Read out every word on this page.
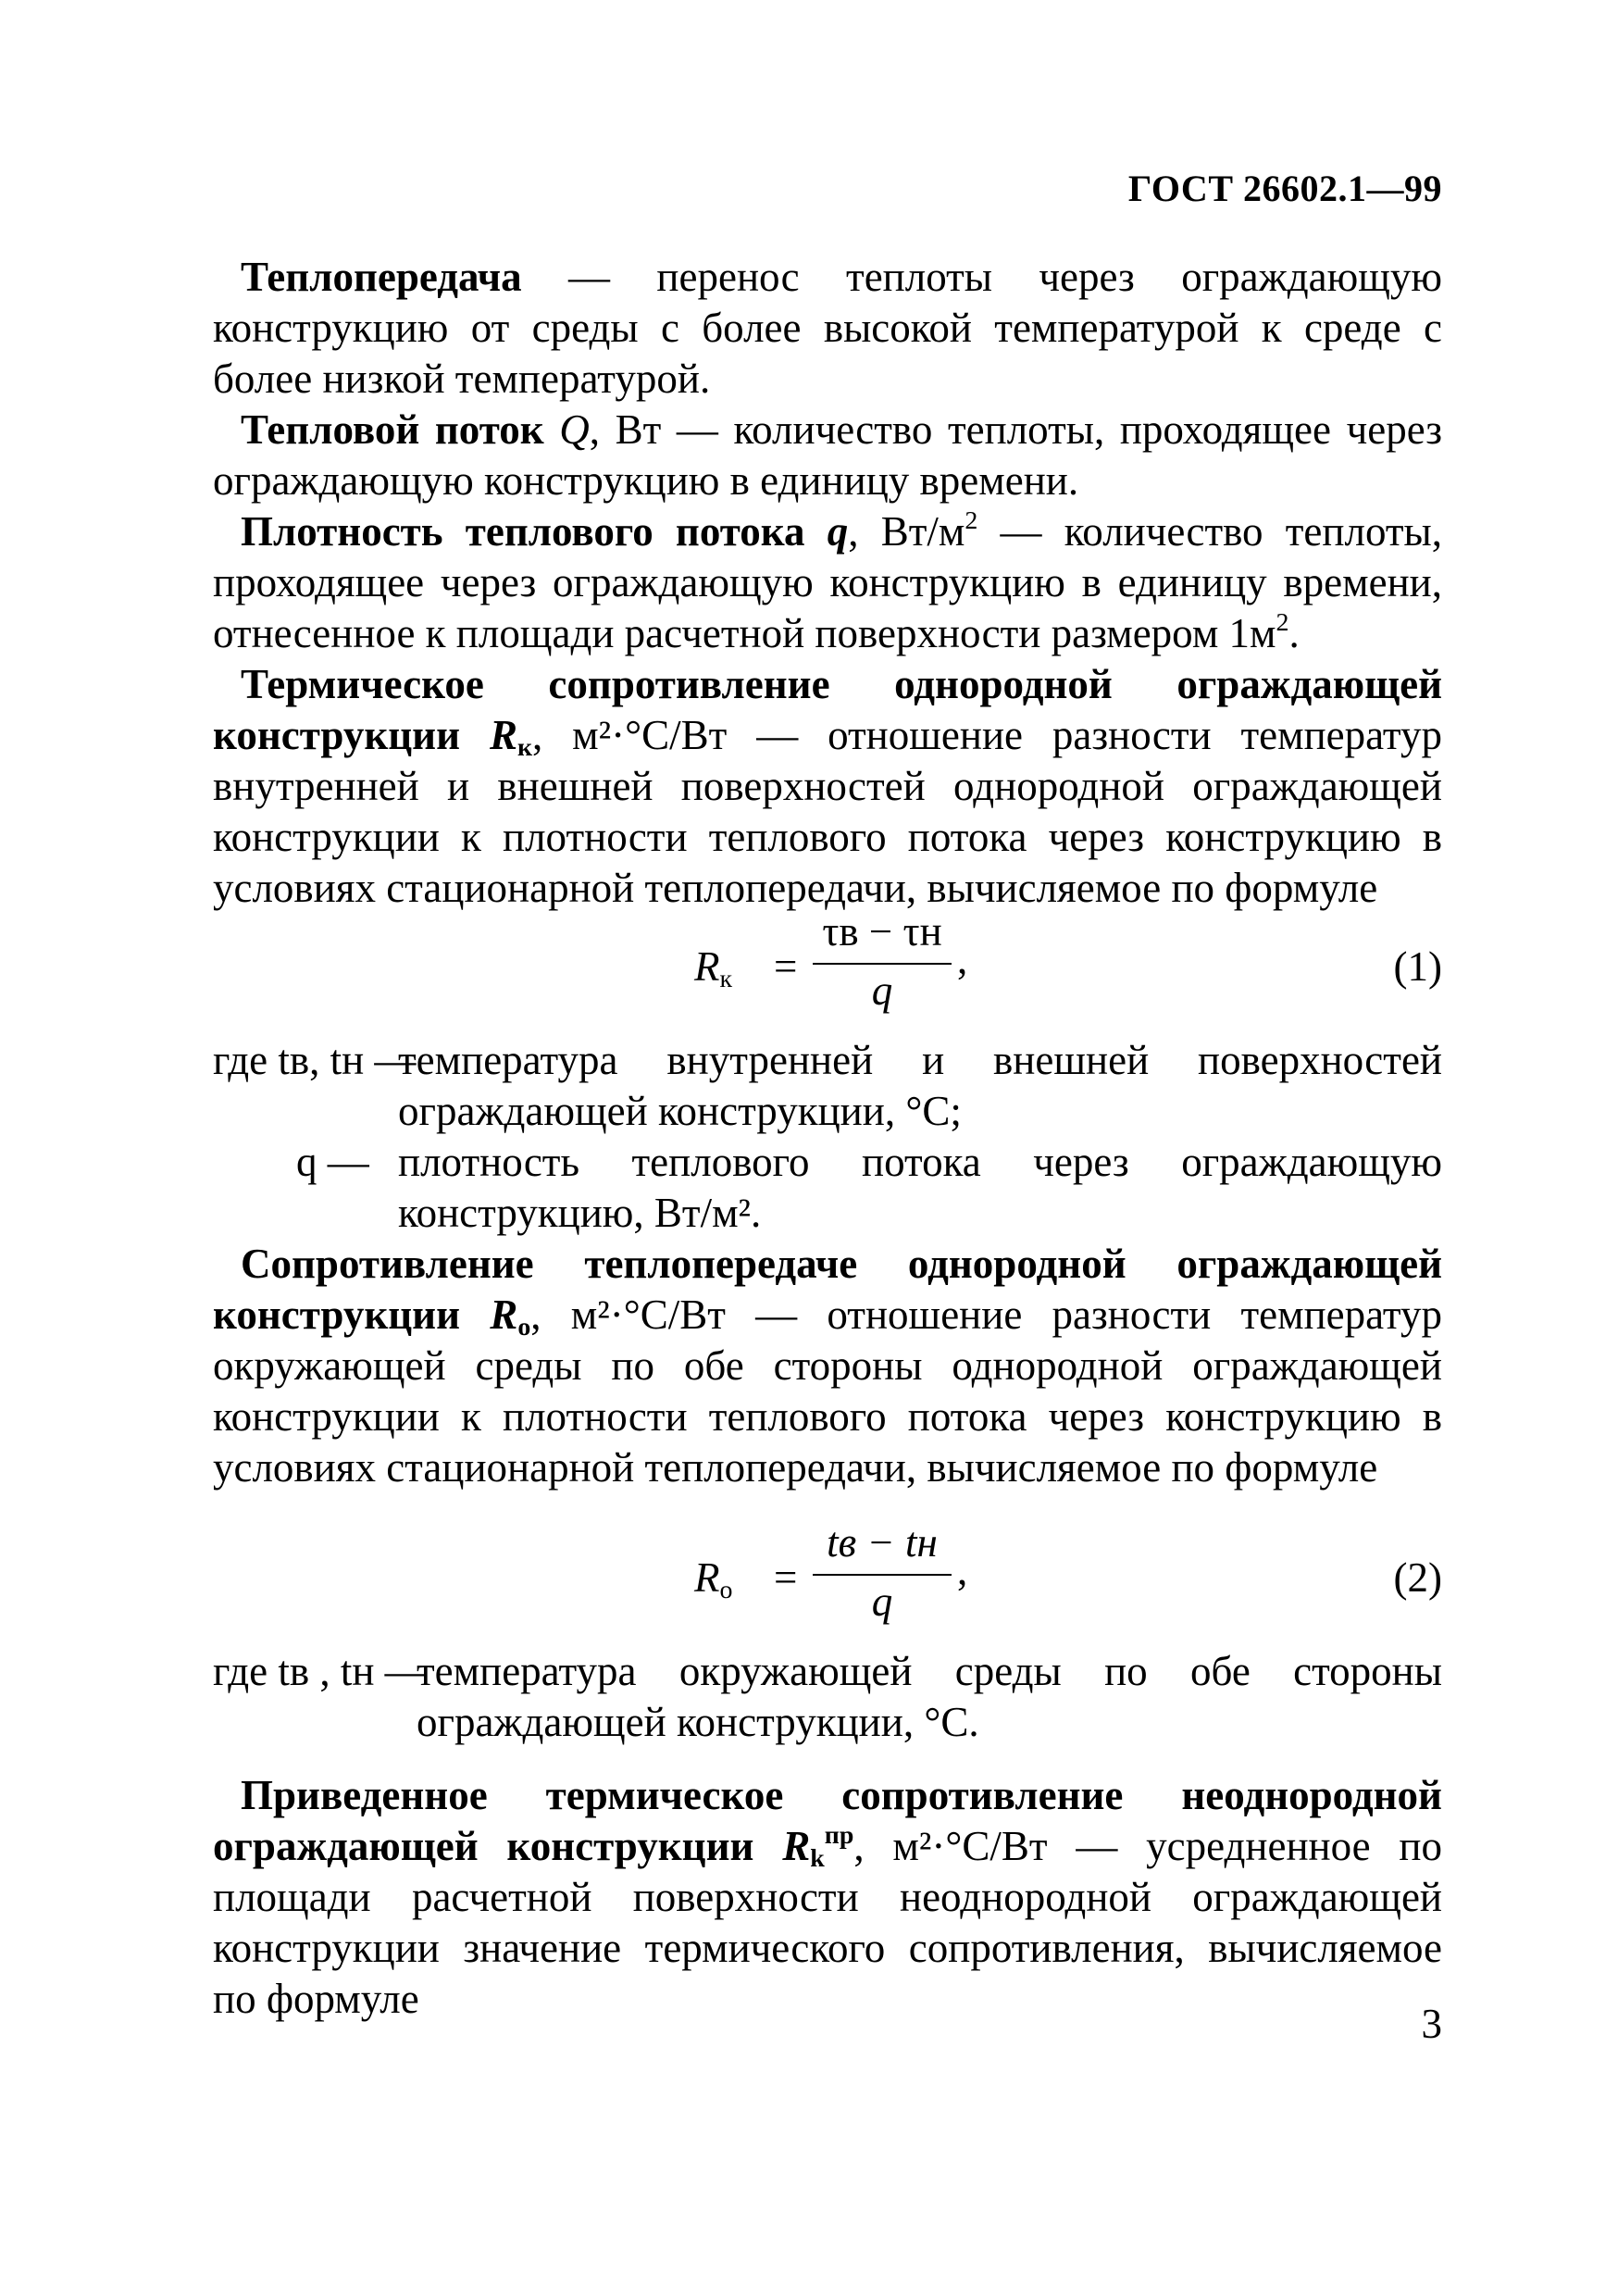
ГОСТ 26602.1—99

Теплопередача — перенос теплоты через ограждающую конструкцию от среды с более высокой температурой к среде с более низкой температурой.

Тепловой поток Q, Вт — количество теплоты, проходящее через ограждающую конструкцию в единицу времени.

Плотность теплового потока q, $Вт/м^2$ — количество теплоты, проходящее через ограждающую конструкцию в единицу времени, отнесенное к площади расчетной поверхности размером $1м^2$.

Термическое сопротивление однородной ограждающей конструкции $R_к$, м²·°С/Вт — отношение разности температур внутренней и внешней поверхностей однородной ограждающей конструкции к плотности теплового потока через конструкцию в условиях стационарной теплопередачи, вычисляемое по формуле

$R_к$ =
τв − τн
q
,	(1)
где tв, tн —
температура внутренней и внешней поверхностей ограждающей конструкции, °С;
q — плотность теплового потока через ограждающую конструкцию, Вт/м².

Сопротивление теплопередаче однородной ограждающей конструкции $R_о$, м²·°С/Вт — отношение разности температур окружающей среды по обе стороны однородной ограждающей конструкции к плотности теплового потока через конструкцию в условиях стационарной теплопередачи, вычисляемое по формуле

$R_о$ =
tв − tн
q
,	(2)
где tв , tн —
температура окружающей среды по обе стороны ограждающей конструкции, °С.

Приведенное термическое сопротивление неоднородной ограждающей конструкции $R_k^{пр}$, м²·°С/Вт — усредненное по площади расчетной поверхности неоднородной ограждающей конструкции значение термического сопротивления, вычисляемое по формуле

3
